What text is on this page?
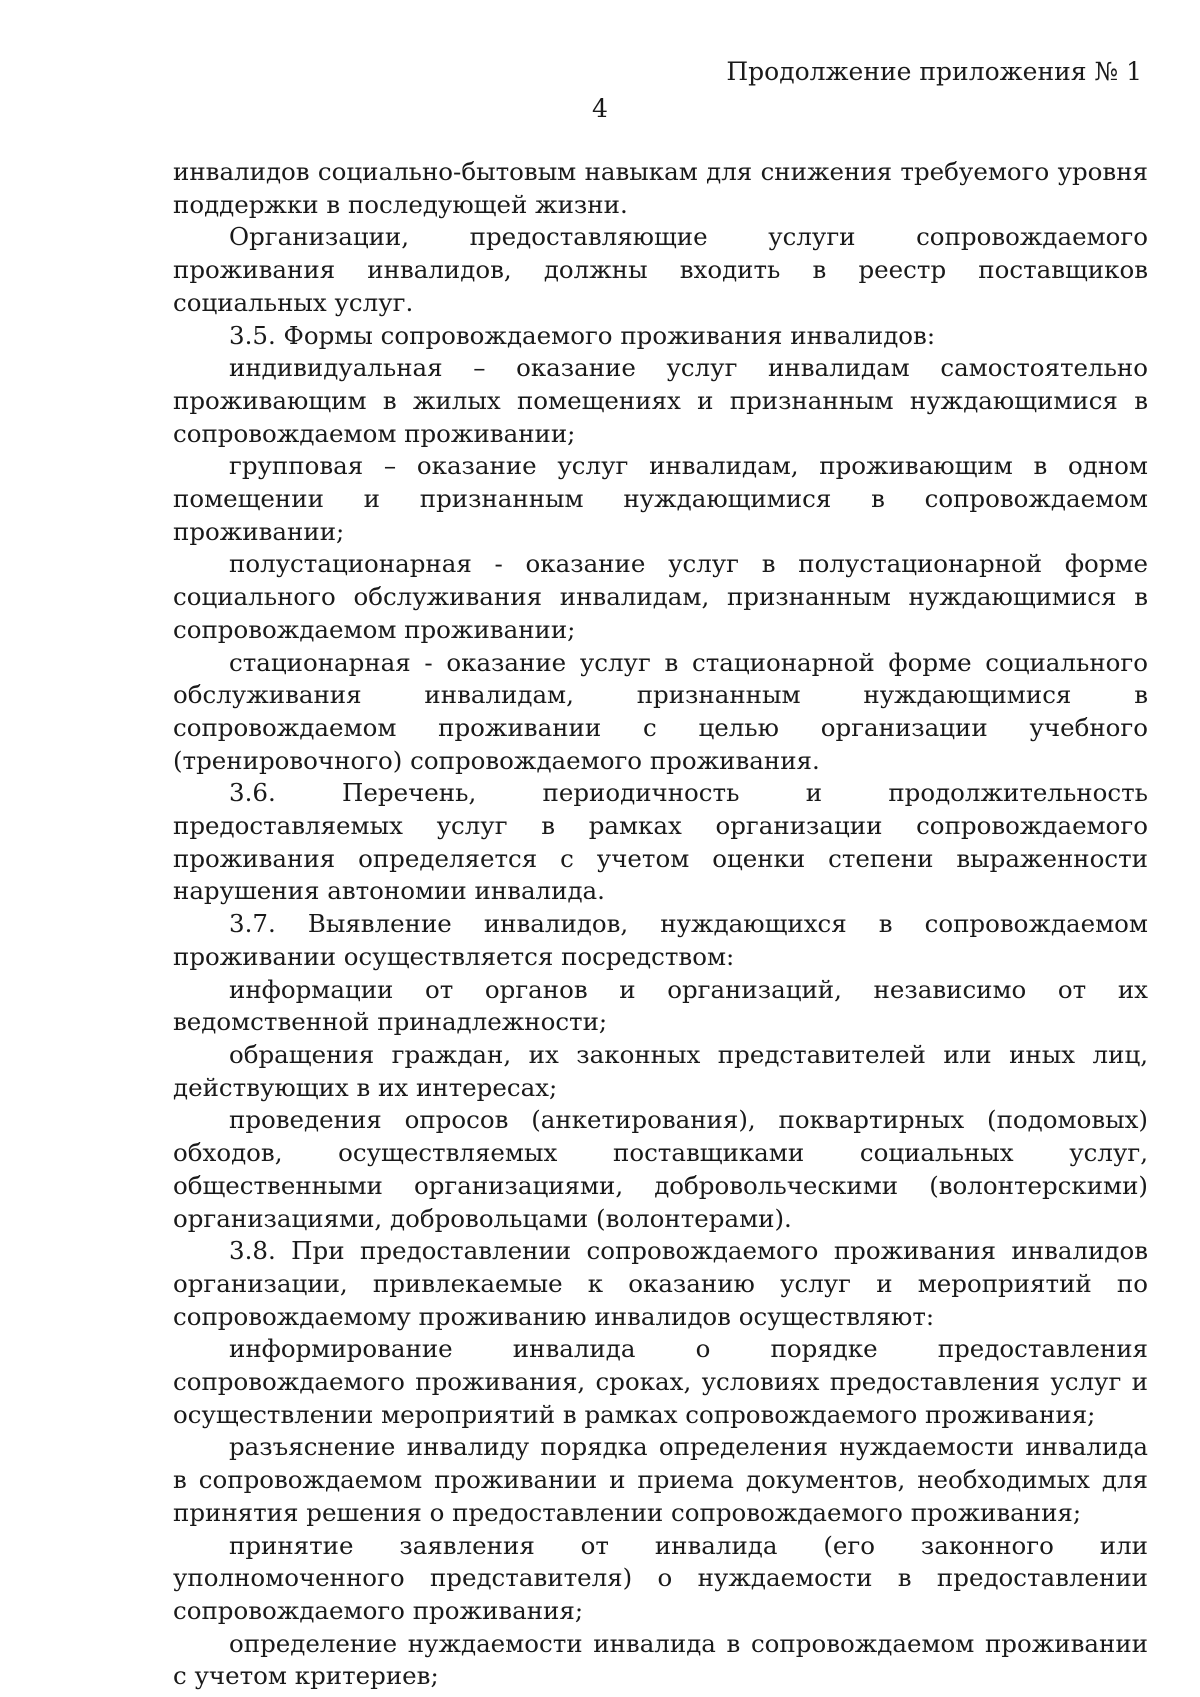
Продолжение приложения № 1
4

инвалидов социально-бытовым навыкам для снижения требуемого уровня поддержки в последующей жизни.

Организации, предоставляющие услуги сопровождаемого проживания инвалидов, должны входить в реестр поставщиков социальных услуг.

3.5. Формы сопровождаемого проживания инвалидов:

индивидуальная – оказание услуг инвалидам самостоятельно проживающим в жилых помещениях и признанным нуждающимися в сопровождаемом проживании;

групповая – оказание услуг инвалидам, проживающим в одном помещении и признанным нуждающимися в сопровождаемом проживании;

полустационарная - оказание услуг в полустационарной форме социального обслуживания инвалидам, признанным нуждающимися в сопровождаемом проживании;

стационарная - оказание услуг в стационарной форме социального обслуживания инвалидам, признанным нуждающимися в сопровождаемом проживании с целью организации учебного (тренировочного) сопровождаемого проживания.

3.6. Перечень, периодичность и продолжительность предоставляемых услуг в рамках организации сопровождаемого проживания определяется с учетом оценки степени выраженности нарушения автономии инвалида.

3.7. Выявление инвалидов, нуждающихся в сопровождаемом проживании осуществляется посредством:

информации от органов и организаций, независимо от их ведомственной принадлежности;

обращения граждан, их законных представителей или иных лиц, действующих в их интересах;

проведения опросов (анкетирования), поквартирных (подомовых) обходов, осуществляемых поставщиками социальных услуг, общественными организациями, добровольческими (волонтерскими) организациями, добровольцами (волонтерами).

3.8. При предоставлении сопровождаемого проживания инвалидов организации, привлекаемые к оказанию услуг и мероприятий по сопровождаемому проживанию инвалидов осуществляют:

информирование инвалида о порядке предоставления сопровождаемого проживания, сроках, условиях предоставления услуг и осуществлении мероприятий в рамках сопровождаемого проживания;

разъяснение инвалиду порядка определения нуждаемости инвалида в сопровождаемом проживании и приема документов, необходимых для принятия решения о предоставлении сопровождаемого проживания;

принятие заявления от инвалида (его законного или уполномоченного представителя) о нуждаемости в предоставлении сопровождаемого проживания;

определение нуждаемости инвалида в сопровождаемом проживании с учетом критериев;
